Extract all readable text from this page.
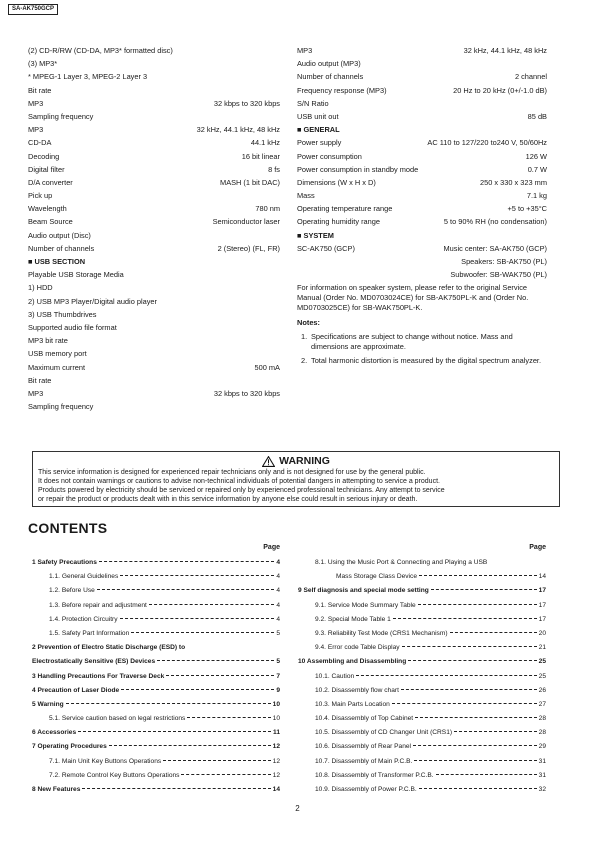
SA-AK750GCP
(2) CD-R/RW (CD-DA, MP3* formatted disc)
(3) MP3*
* MPEG-1 Layer 3, MPEG-2 Layer 3
Bit rate
MP3	32 kbps to 320 kbps
Sampling frequency
MP3	32 kHz, 44.1 kHz, 48 kHz
CD-DA	44.1 kHz
Decoding	16 bit linear
Digital filter	8 fs
D/A converter	MASH (1 bit DAC)
Pick up
Wavelength	780 nm
Beam Source	Semiconductor laser
Audio output (Disc)
Number of channels	2 (Stereo) (FL, FR)
■ USB SECTION
Playable USB Storage Media
1) HDD
2) USB MP3 Player/Digital audio player
3) USB Thumbdrives
Supported audio file format
MP3 bit rate
USB memory port
Maximum current	500 mA
Bit rate
MP3	32 kbps to 320 kbps
Sampling frequency
MP3	32 kHz, 44.1 kHz, 48 kHz
Audio output (MP3)
Number of channels	2 channel
Frequency response (MP3)	20 Hz to 20 kHz (0+/-1.0 dB)
S/N Ratio
USB unit out	85 dB
■ GENERAL
Power supply	AC 110 to 127/220 to240 V, 50/60Hz
Power consumption	126 W
Power consumption in standby mode	0.7 W
Dimensions (W x H x D)	250 x 330 x 323 mm
Mass	7.1 kg
Operating temperature range	+5 to +35°C
Operating humidity range	5 to 90% RH (no condensation)
■ SYSTEM
SC-AK750 (GCP)	Music center: SA-AK750 (GCP)
Speakers: SB-AK750 (PL)
Subwoofer: SB-WAK750 (PL)
For information on speaker system, please refer to the original Service Manual (Order No. MD0703024CE) for SB-AK750PL-K and (Order No. MD0703025CE) for SB-WAK750PL-K.
Notes:
1. Specifications are subject to change without notice. Mass and dimensions are approximate.
2. Total harmonic distortion is measured by the digital spectrum analyzer.
WARNING
This service information is designed for experienced repair technicians only and is not designed for use by the general public.
It does not contain warnings or cautions to advise non-technical individuals of potential dangers in attempting to service a product.
Products powered by electricity should be serviced or repaired only by experienced professional technicians. Any attempt to service
or repair the product or products dealt with in this service information by anyone else could result in serious injury or death.
CONTENTS
Page
1 Safety Precautions	4
1.1. General Guidelines	4
1.2. Before Use	4
1.3. Before repair and adjustment	4
1.4. Protection Circuitry	4
1.5. Safety Part Information	5
2 Prevention of Electro Static Discharge (ESD) to
Electrostatically Sensitive (ES) Devices	5
3 Handling Precautions For Traverse Deck	7
4 Precaution of Laser Diode	9
5 Warning	10
5.1. Service caution based on legal restrictions	10
6 Accessories	11
7 Operating Procedures	12
7.1. Main Unit Key Buttons Operations	12
7.2. Remote Control Key Buttons Operations	12
8 New Features	14
Page
8.1. Using the Music Port & Connecting and Playing a USB
Mass Storage Class Device	14
9 Self diagnosis and special mode setting	17
9.1. Service Mode Summary Table	17
9.2. Special Mode Table 1	17
9.3. Reliability Test Mode (CRS1 Mechanism)	20
9.4. Error code Table Display	21
10 Assembling and Disassembling	25
10.1. Caution	25
10.2. Disassembly flow chart	26
10.3. Main Parts Location	27
10.4. Disassembly of Top Cabinet	28
10.5. Disassembly of CD Changer Unit (CRS1)	28
10.6. Disassembly of Rear Panel	29
10.7. Disassembly of Main P.C.B.	31
10.8. Disassembly of Transformer P.C.B.	31
10.9. Disassembly of Power P.C.B.	32
2
